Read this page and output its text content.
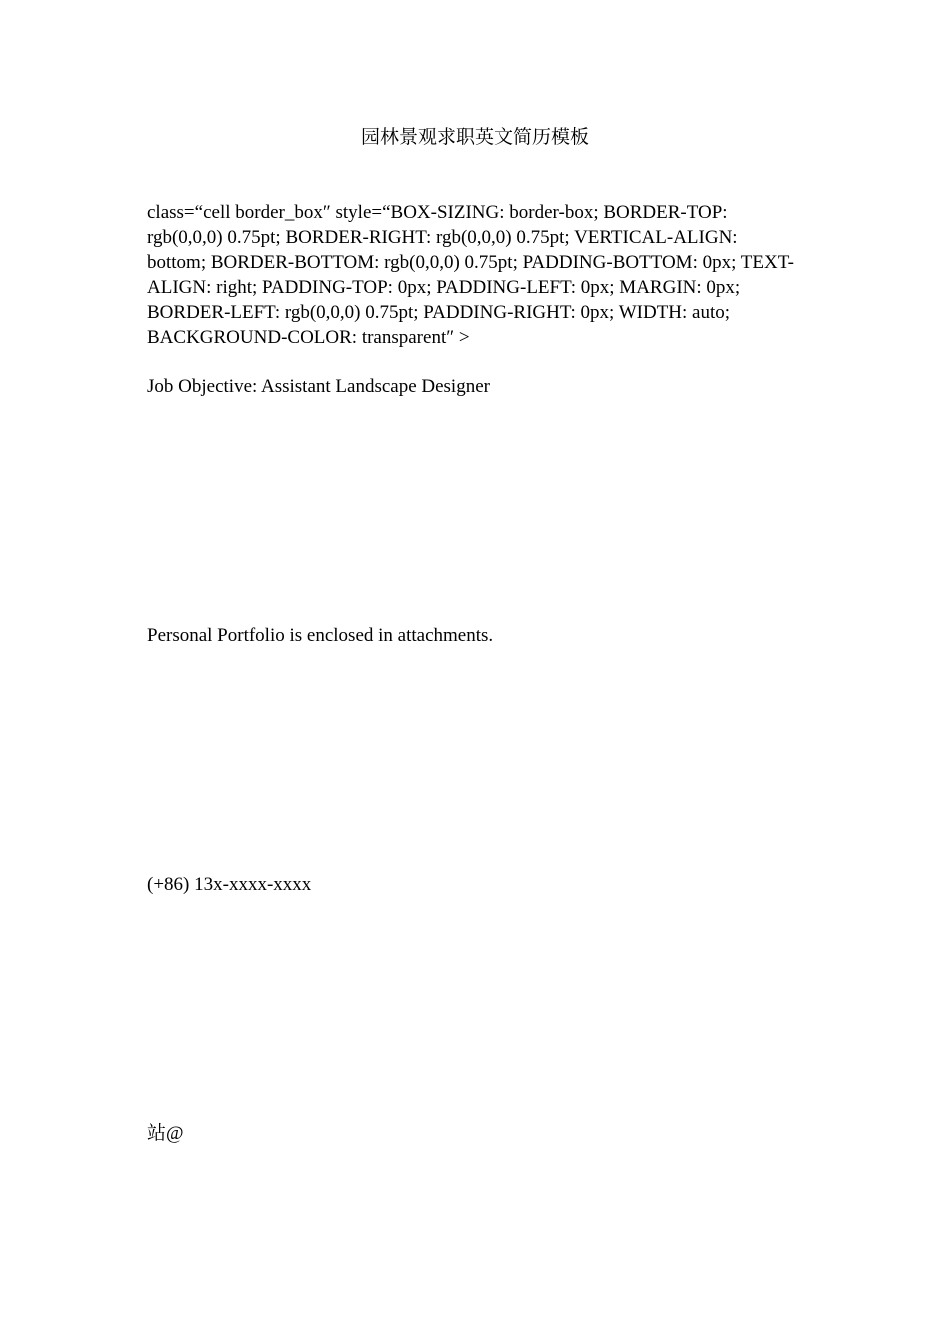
园林景观求职英文简历模板

class=“cell border_box″ style=“BOX-SIZING: border-box; BORDER-TOP: rgb(0,0,0) 0.75pt; BORDER-RIGHT: rgb(0,0,0) 0.75pt; VERTICAL-ALIGN: bottom; BORDER-BOTTOM: rgb(0,0,0) 0.75pt; PADDING-BOTTOM: 0px; TEXT-ALIGN: right; PADDING-TOP: 0px; PADDING-LEFT: 0px; MARGIN: 0px; BORDER-LEFT: rgb(0,0,0) 0.75pt; PADDING-RIGHT: 0px; WIDTH: auto; BACKGROUND-COLOR: transparent″ >

Job Objective: Assistant Landscape Designer

Personal Portfolio is enclosed in attachments.

(+86) 13x-xxxx-xxxx

站@
